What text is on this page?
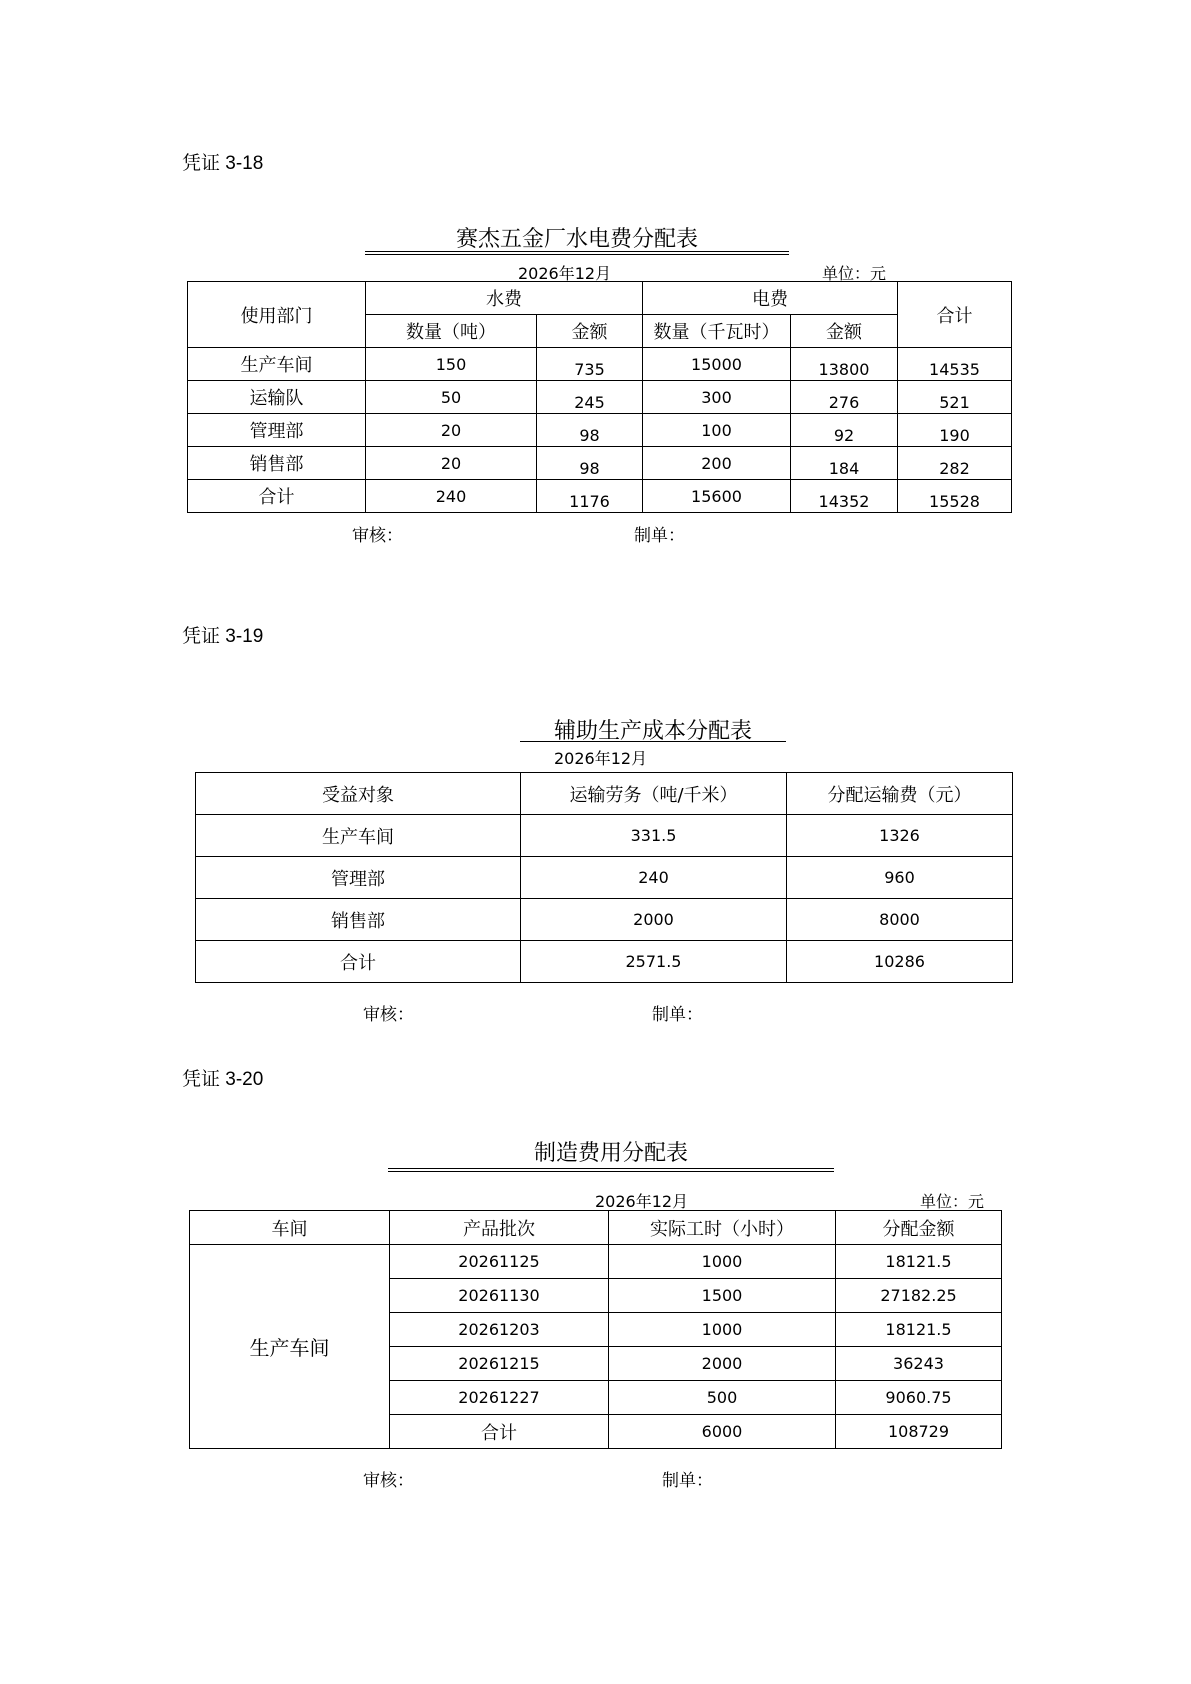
凭证 3-18
赛杰五金厂水电费分配表
2026年12月	单位：元
使用部门	水费		电费		合计
	数量（吨）	金额	数量（千瓦时）	金额	
生产车间	150	735	15000	13800	14535
运输队	50	245	300	276	521
管理部	20	98	100	92	190
销售部	20	98	200	184	282
合计	240	1176	15600	14352	15528
审核：	制单：
凭证 3-19
辅助生产成本分配表
2026年12月
受益对象	运输劳务（吨/千米）	分配运输费（元）
生产车间	331.5	1326
管理部	240	960
销售部	2000	8000
合计	2571.5	10286
审核：	制单：
凭证 3-20
制造费用分配表
2026年12月	单位：元
车间	产品批次	实际工时（小时）	分配金额
生产车间	20261125	1000	18121.5
	20261130	1500	27182.25
	20261203	1000	18121.5
	20261215	2000	36243
	20261227	500	9060.75
	合计	6000	108729
审核：	制单：
